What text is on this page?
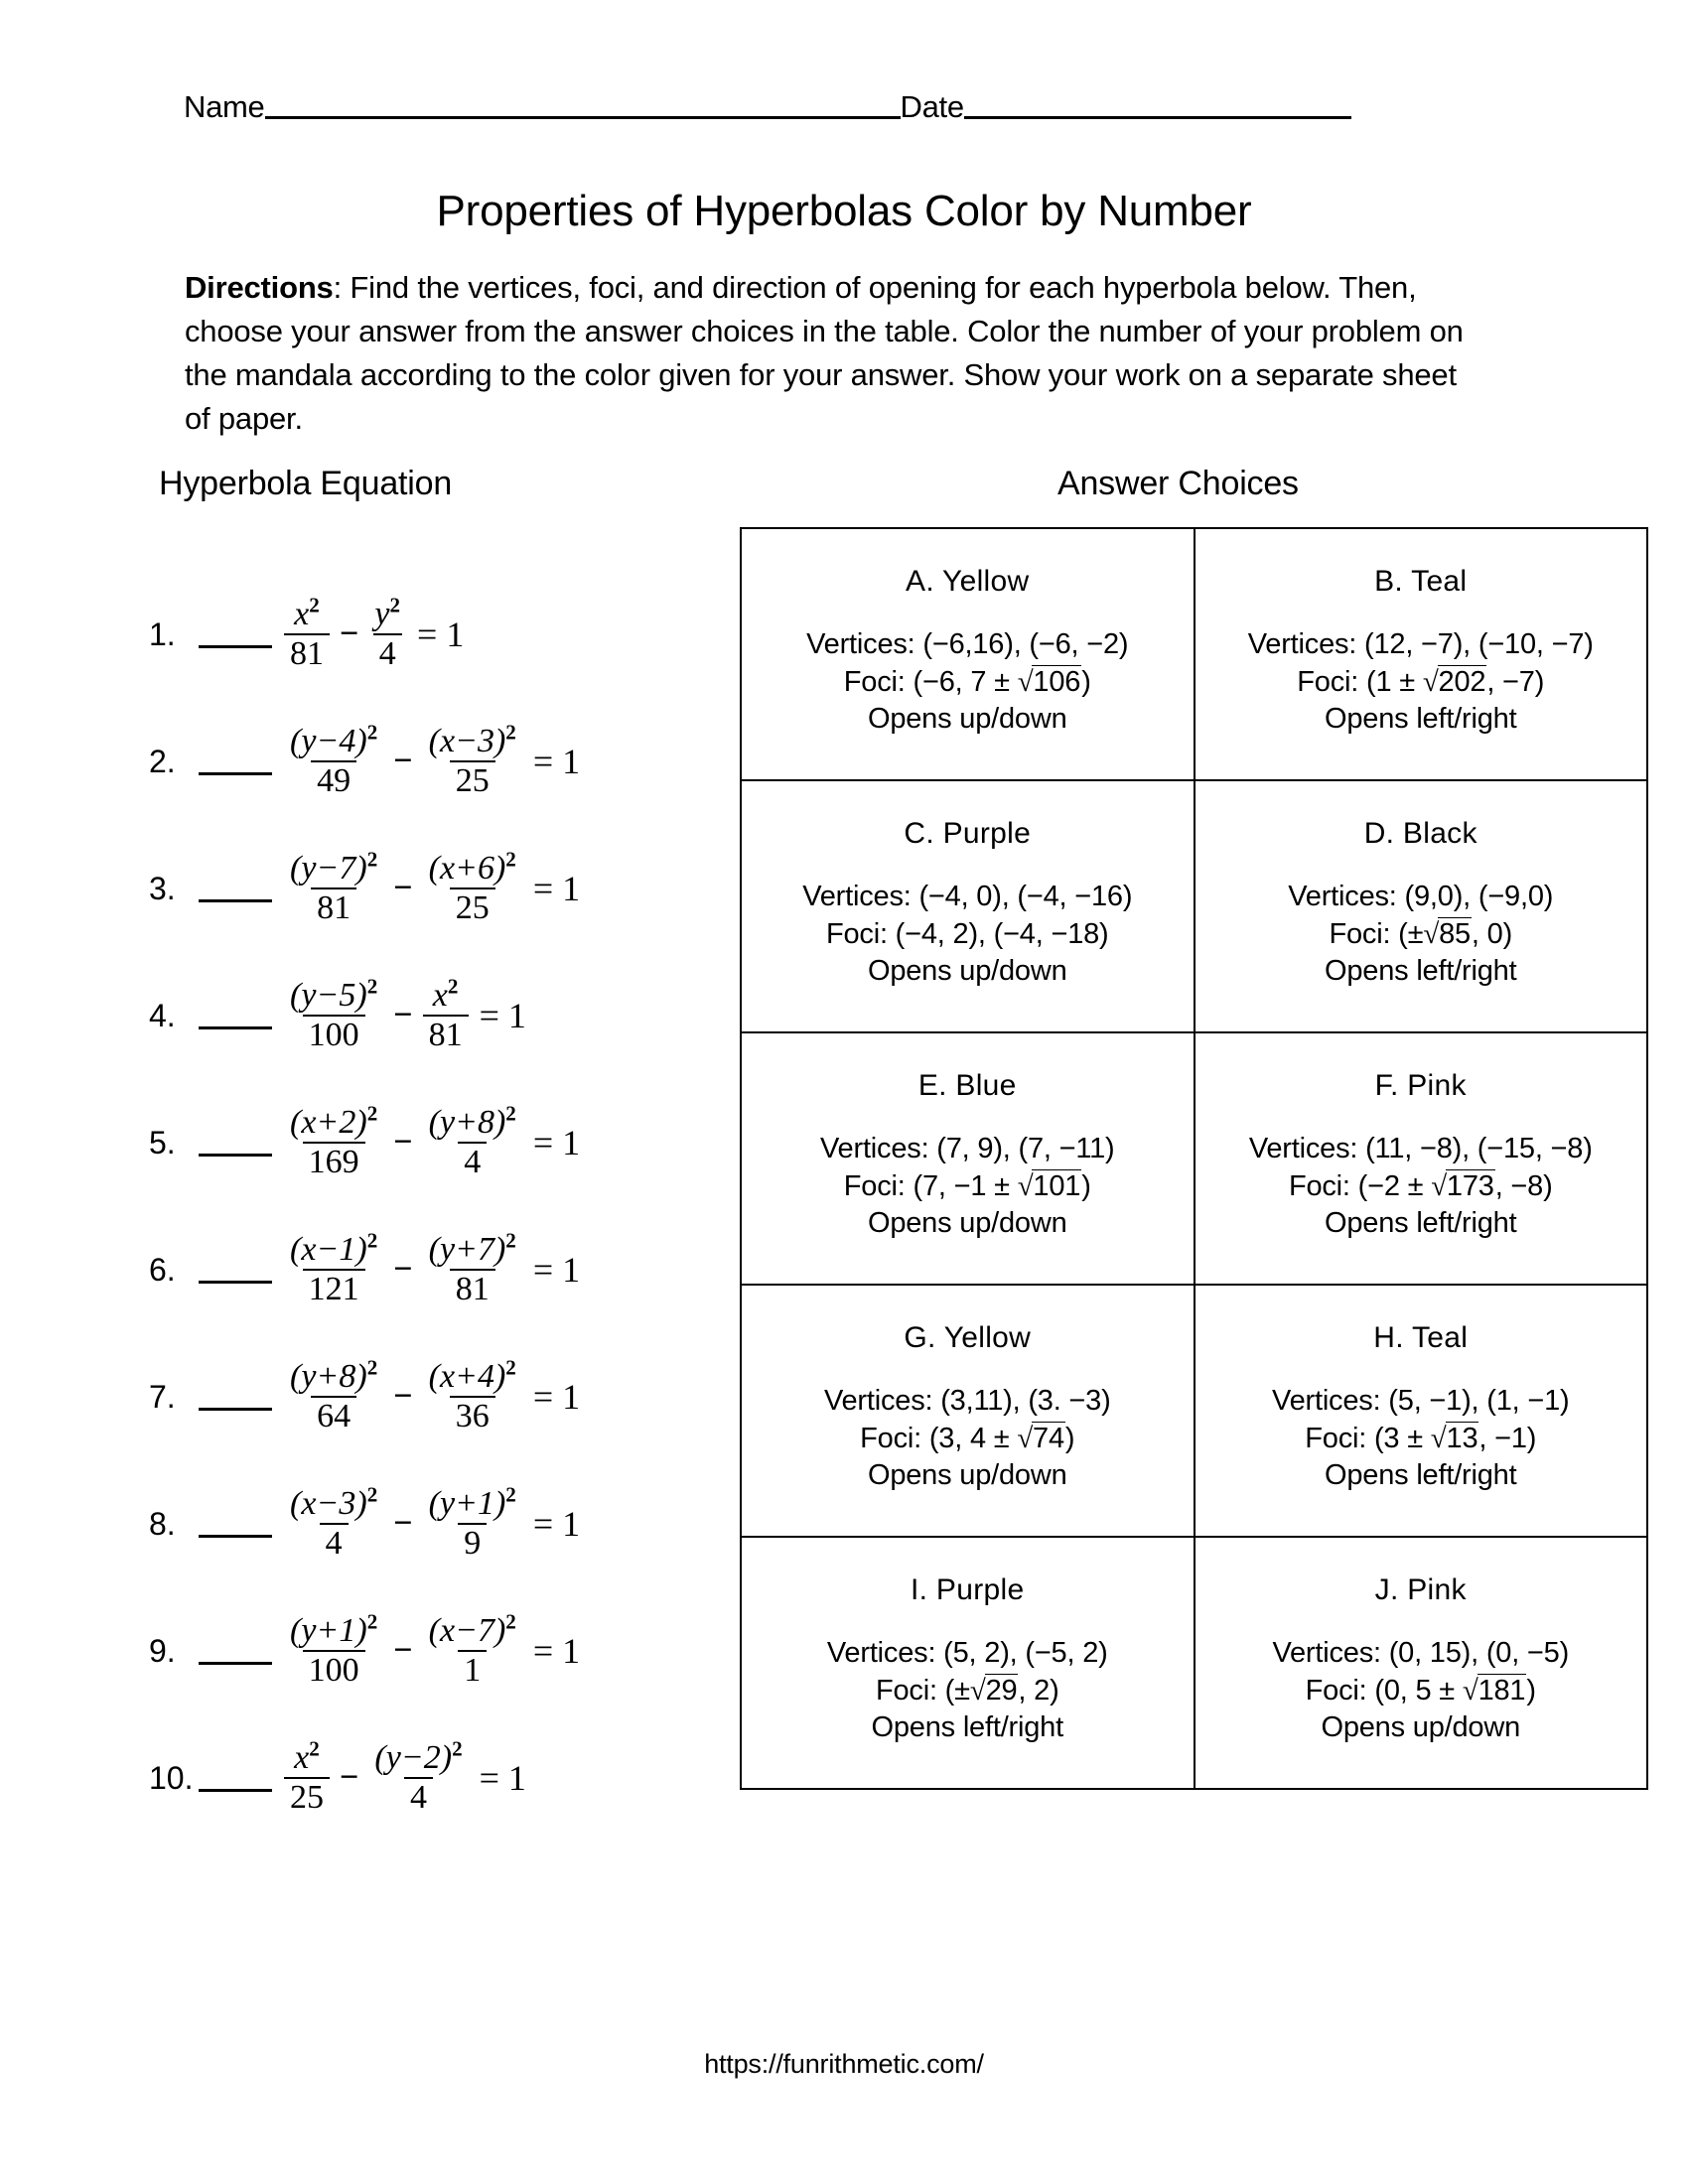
Name	Date
Properties of Hyperbolas Color by Number
Directions: Find the vertices, foci, and direction of opening for each hyperbola below. Then, choose your answer from the answer choices in the table. Color the number of your problem on the mandala according to the color given for your answer. Show your work on a separate sheet of paper.
Hyperbola Equation	Answer Choices
1.	$\frac{x^2}{81} - \frac{y^2}{4} = 1$
2.	$\frac{(y-4)^2}{49} - \frac{(x-3)^2}{25} = 1$
3.	$\frac{(y-7)^2}{81} - \frac{(x+6)^2}{25} = 1$
4.	$\frac{(y-5)^2}{100} - \frac{x^2}{81} = 1$
5.	$\frac{(x+2)^2}{169} - \frac{(y+8)^2}{4} = 1$
6.	$\frac{(x-1)^2}{121} - \frac{(y+7)^2}{81} = 1$
7.	$\frac{(y+8)^2}{64} - \frac{(x+4)^2}{36} = 1$
8.	$\frac{(x-3)^2}{4} - \frac{(y+1)^2}{9} = 1$
9.	$\frac{(y+1)^2}{100} - \frac{(x-7)^2}{1} = 1$
10.	$\frac{x^2}{25} - \frac{(y-2)^2}{4} = 1$
A. Yellow
Vertices: (−6,16), (−6, −2)
Foci: (−6, 7 ± √106)
Opens up/down

B. Teal
Vertices: (12, −7), (−10, −7)
Foci: (1 ± √202, −7)
Opens left/right

C. Purple
Vertices: (−4, 0), (−4, −16)
Foci: (−4, 2), (−4, −18)
Opens up/down

D. Black
Vertices: (9,0), (−9,0)
Foci: (±√85, 0)
Opens left/right

E. Blue
Vertices: (7, 9), (7, −11)
Foci: (7, −1 ± √101)
Opens up/down

F. Pink
Vertices: (11, −8), (−15, −8)
Foci: (−2 ± √173, −8)
Opens left/right

G. Yellow
Vertices: (3,11), (3. −3)
Foci: (3, 4 ± √74)
Opens up/down

H. Teal
Vertices: (5, −1), (1, −1)
Foci: (3 ± √13, −1)
Opens left/right

I. Purple
Vertices: (5, 2), (−5, 2)
Foci: (±√29, 2)
Opens left/right

J. Pink
Vertices: (0, 15), (0, −5)
Foci: (0, 5 ± √181)
Opens up/down
https://funrithmetic.com/
